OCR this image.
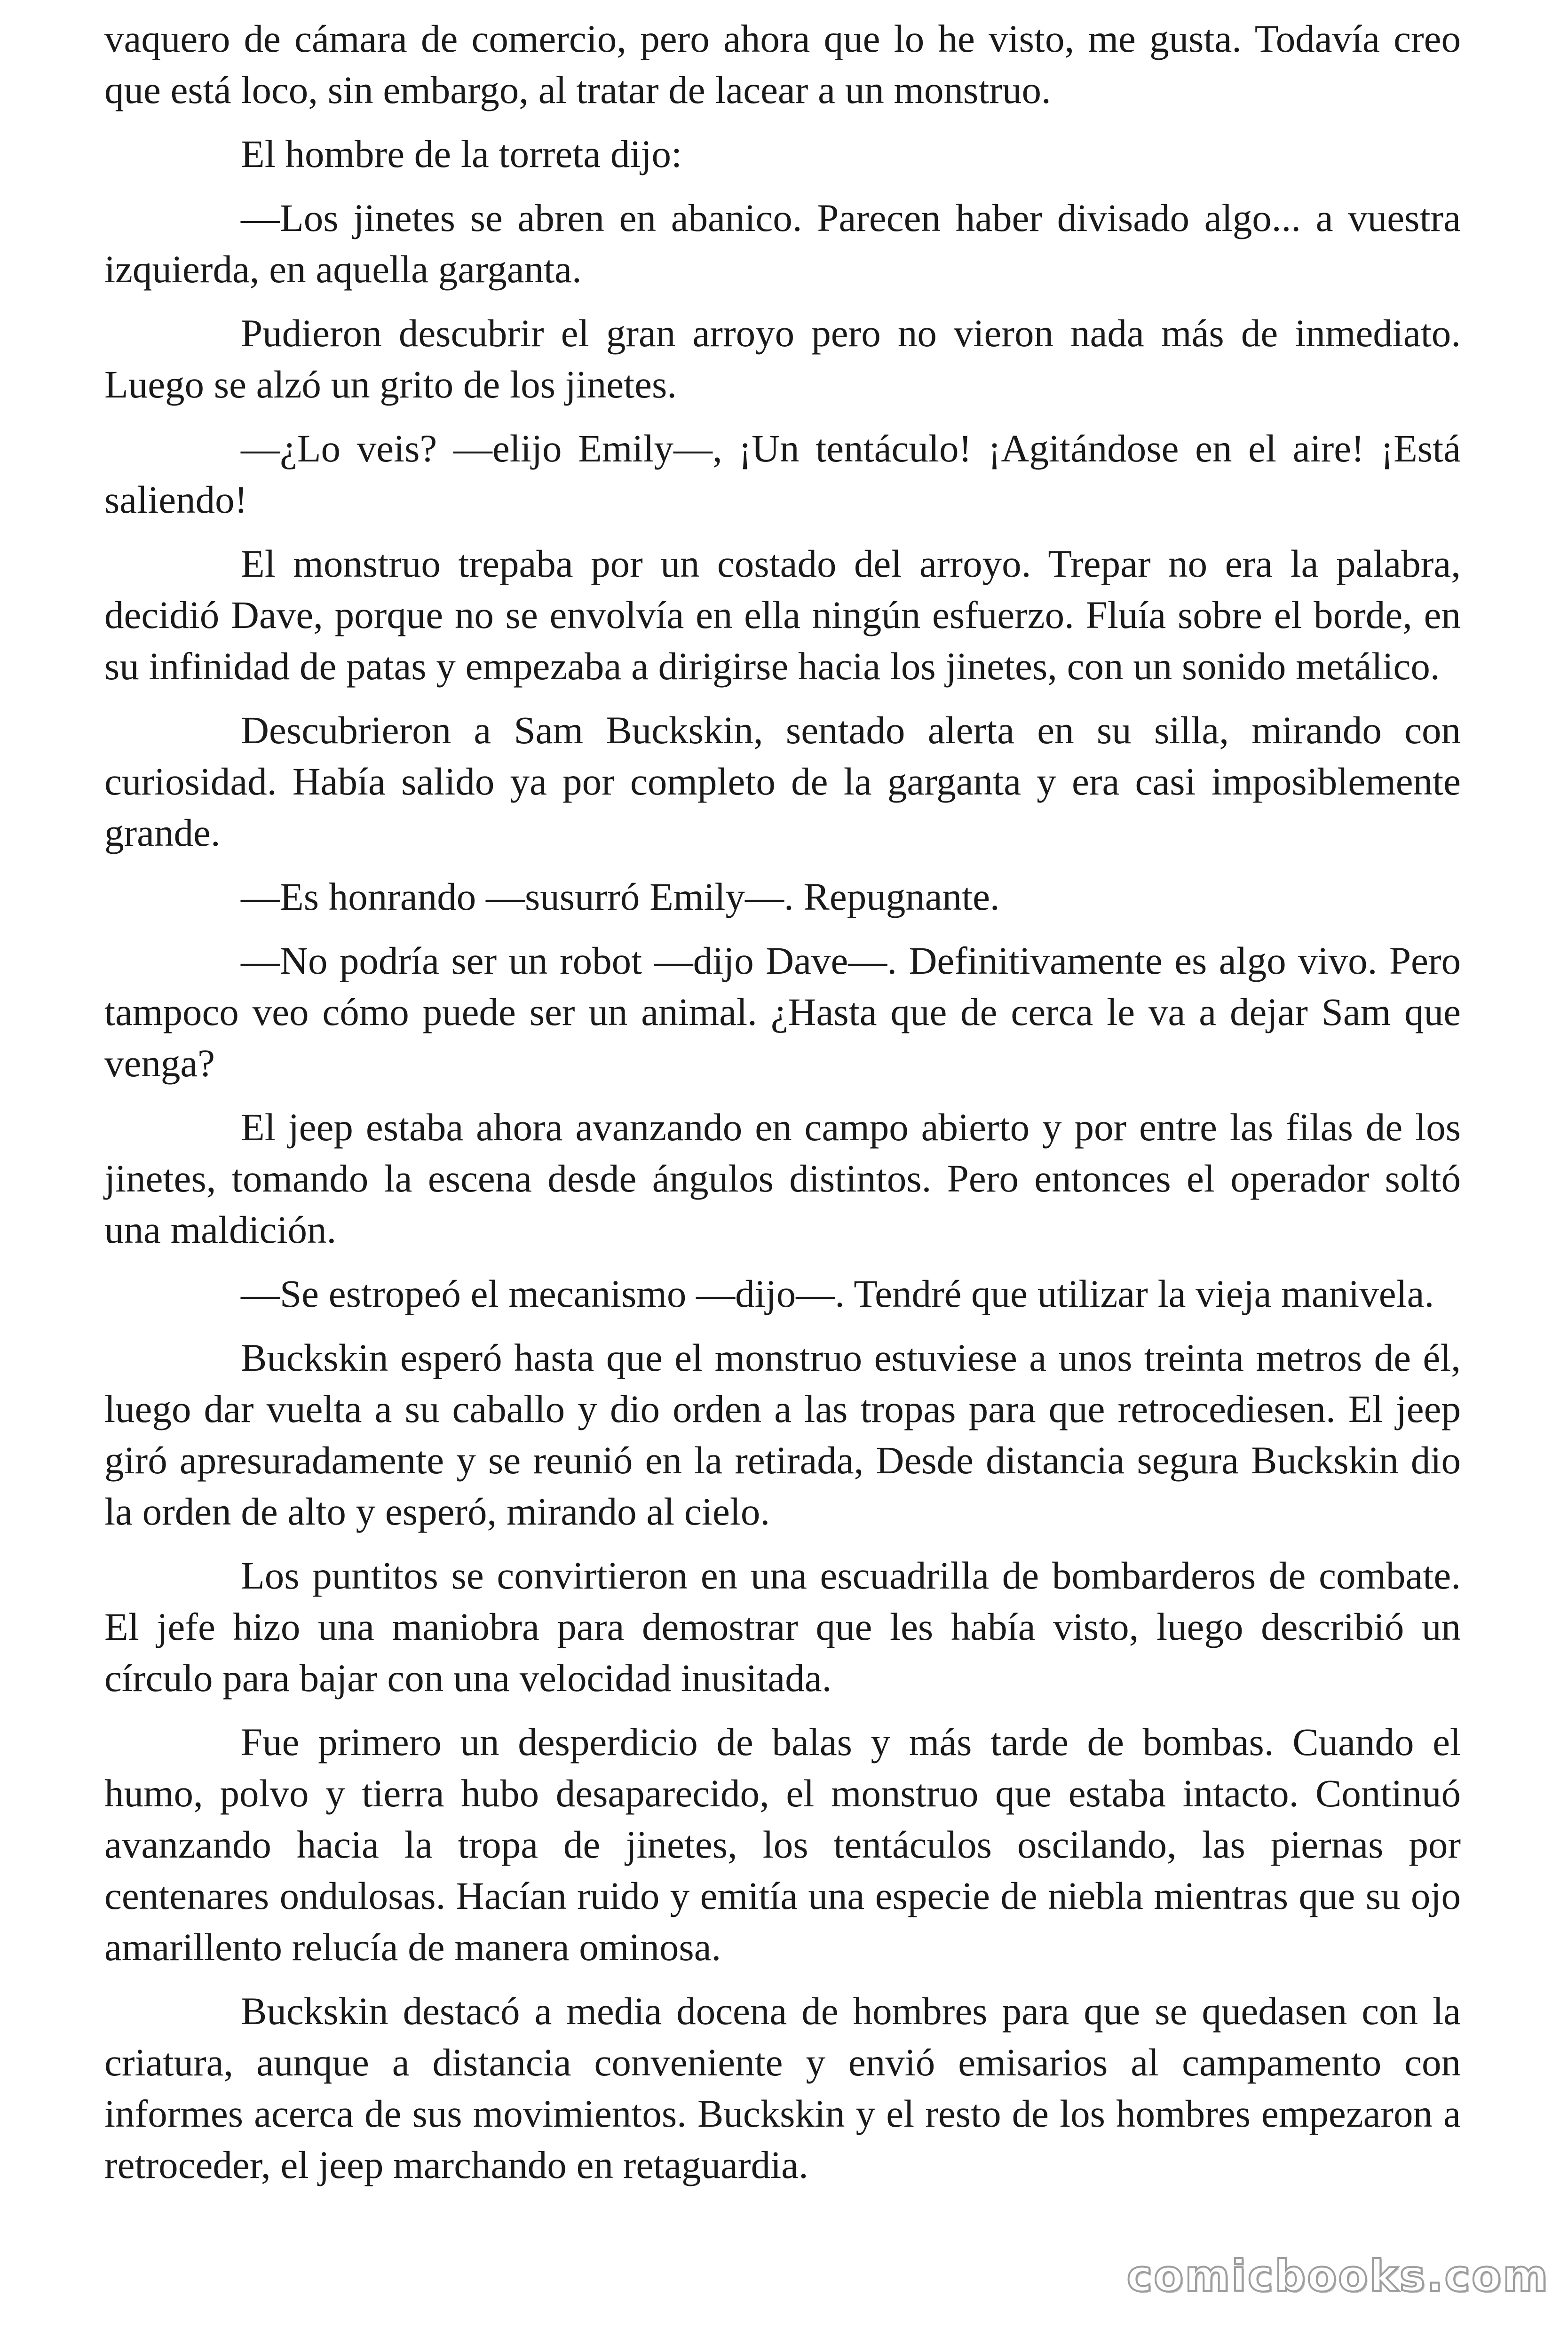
vaquero de cámara de comercio, pero ahora que lo he visto, me gusta. Todavía creo que está loco, sin embargo, al tratar de lacear a un monstruo.

El hombre de la torreta dijo:

—Los jinetes se abren en abanico. Parecen haber divisado algo... a vuestra izquierda, en aquella garganta.

Pudieron descubrir el gran arroyo pero no vieron nada más de inmediato. Luego se alzó un grito de los jinetes.

—¿Lo veis? —elijo Emily—, ¡Un tentáculo! ¡Agitándose en el aire! ¡Está saliendo!

El monstruo trepaba por un costado del arroyo. Trepar no era la palabra, decidió Dave, porque no se envolvía en ella ningún esfuerzo. Fluía sobre el borde, en su infinidad de patas y empezaba a dirigirse hacia los jinetes, con un sonido metálico.

Descubrieron a Sam Buckskin, sentado alerta en su silla, mirando con curiosidad. Había salido ya por completo de la garganta y era casi imposiblemente grande.

—Es honrando —susurró Emily—. Repugnante.

—No podría ser un robot —dijo Dave—. Definitivamente es algo vivo. Pero tampoco veo cómo puede ser un animal. ¿Hasta que de cerca le va a dejar Sam que venga?

El jeep estaba ahora avanzando en campo abierto y por entre las filas de los jinetes, tomando la escena desde ángulos distintos. Pero entonces el operador soltó una maldición.

—Se estropeó el mecanismo —dijo—. Tendré que utilizar la vieja manivela.

Buckskin esperó hasta que el monstruo estuviese a unos treinta metros de él, luego dar vuelta a su caballo y dio orden a las tropas para que retrocediesen. El jeep giró apresuradamente y se reunió en la retirada, Desde distancia segura Buckskin dio la orden de alto y esperó, mirando al cielo.

Los puntitos se convirtieron en una escuadrilla de bombarderos de combate. El jefe hizo una maniobra para demostrar que les había visto, luego describió un círculo para bajar con una velocidad inusitada.

Fue primero un desperdicio de balas y más tarde de bombas. Cuando el humo, polvo y tierra hubo desaparecido, el monstruo que estaba intacto. Continuó avanzando hacia la tropa de jinetes, los tentáculos oscilando, las piernas por centenares ondulosas. Hacían ruido y emitía una especie de niebla mientras que su ojo amarillento relucía de manera ominosa.

Buckskin destacó a media docena de hombres para que se quedasen con la criatura, aunque a distancia conveniente y envió emisarios al campamento con informes acerca de sus movimientos. Buckskin y el resto de los hombres empezaron a retroceder, el jeep marchando en retaguardia.

comicbooks.com
